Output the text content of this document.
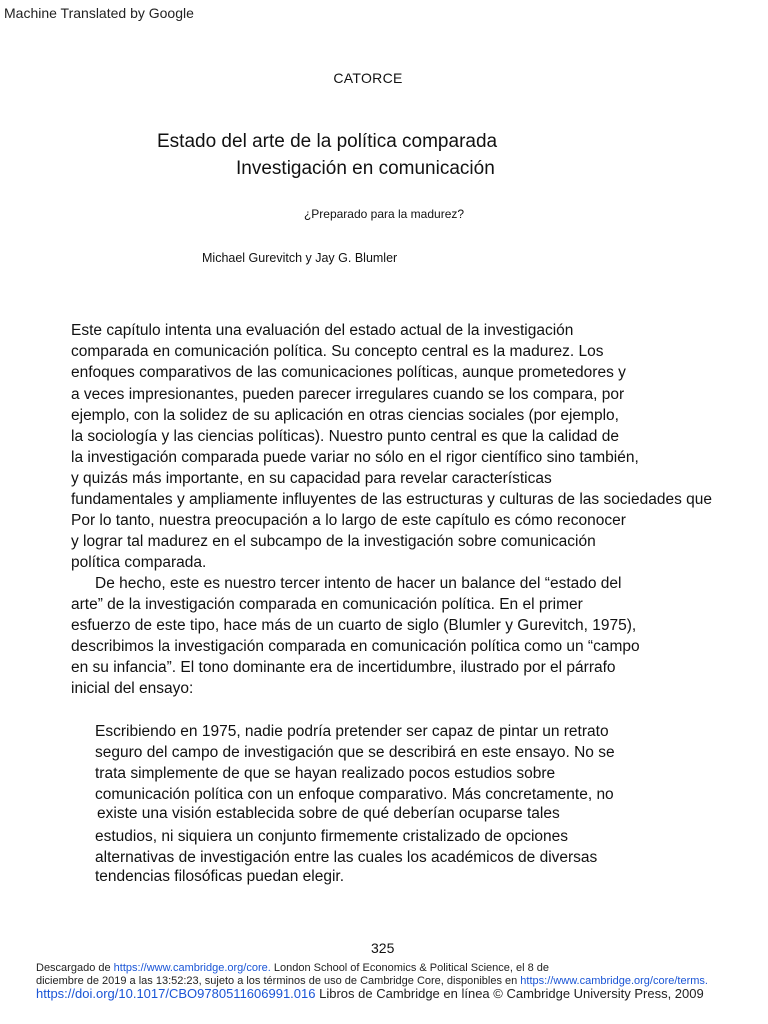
Machine Translated by Google
CATORCE
Estado del arte de la política comparada
Investigación en comunicación
¿Preparado para la madurez?
Michael Gurevitch y Jay G. Blumler
Este capítulo intenta una evaluación del estado actual de la investigación
comparada en comunicación política. Su concepto central es la madurez. Los
enfoques comparativos de las comunicaciones políticas, aunque prometedores y
a veces impresionantes, pueden parecer irregulares cuando se los compara, por
ejemplo, con la solidez de su aplicación en otras ciencias sociales (por ejemplo,
la sociología y las ciencias políticas). Nuestro punto central es que la calidad de
la investigación comparada puede variar no sólo en el rigor científico sino también,
y quizás más importante, en su capacidad para revelar características
fundamentales y ampliamente influyentes de las estructuras y culturas de las sociedades que
Por lo tanto, nuestra preocupación a lo largo de este capítulo es cómo reconocer
y lograr tal madurez en el subcampo de la investigación sobre comunicación
política comparada.
De hecho, este es nuestro tercer intento de hacer un balance del “estado del
arte” de la investigación comparada en comunicación política. En el primer
esfuerzo de este tipo, hace más de un cuarto de siglo (Blumler y Gurevitch, 1975),
describimos la investigación comparada en comunicación política como un “campo
en su infancia”. El tono dominante era de incertidumbre, ilustrado por el párrafo
inicial del ensayo:
Escribiendo en 1975, nadie podría pretender ser capaz de pintar un retrato
seguro del campo de investigación que se describirá en este ensayo. No se
trata simplemente de que se hayan realizado pocos estudios sobre
comunicación política con un enfoque comparativo. Más concretamente, no
existe una visión establecida sobre de qué deberían ocuparse tales
estudios, ni siquiera un conjunto firmemente cristalizado de opciones
alternativas de investigación entre las cuales los académicos de diversas
tendencias filosóficas puedan elegir.
325
Descargado de https://www.cambridge.org/core. London School of Economics & Political Science, el 8 de
diciembre de 2019 a las 13:52:23, sujeto a los términos de uso de Cambridge Core, disponibles en https://www.cambridge.org/core/terms.
https://doi.org/10.1017/CBO9780511606991.016 Libros de Cambridge en línea © Cambridge University Press, 2009
